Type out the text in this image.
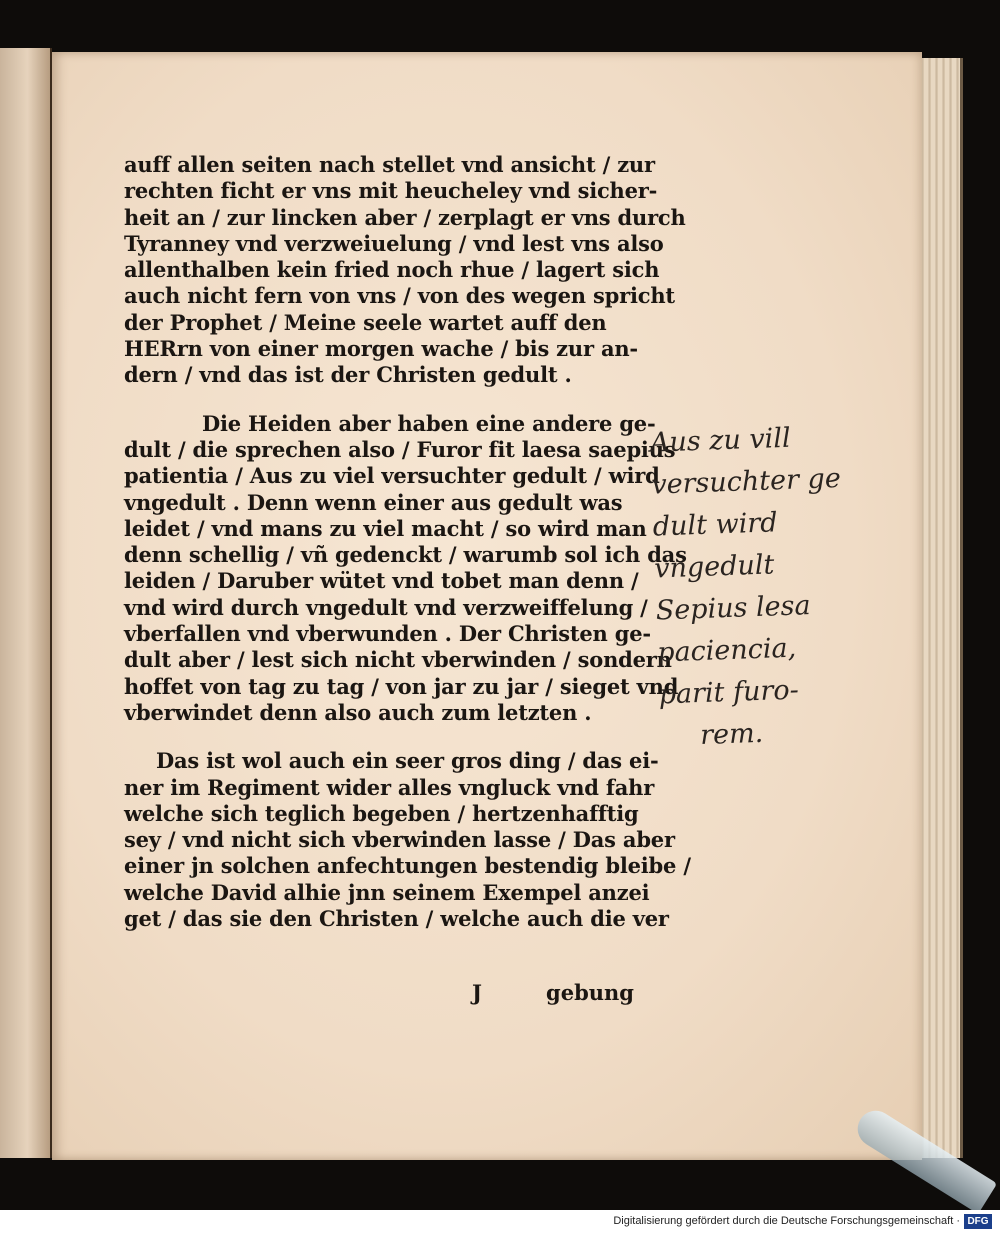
auff allen seiten nach stellet vnd ansicht / zur
rechten ficht er vns mit heucheley vnd sicher-
heit an / zur lincken aber / zerplagt er vns durch
Tyranney vnd verzweiuelung / vnd lest vns also
allenthalben kein fried noch rhue / lagert sich
auch nicht fern von vns / von des wegen spricht
der Prophet / Meine seele wartet auff den
HERrn von einer morgen wache / bis zur an-
dern / vnd das ist der Christen gedult .
Die Heiden aber haben eine andere ge-
dult / die sprechen also / Furor fit laesa saepius
patientia / Aus zu viel versuchter gedult / wird
vngedult . Denn wenn einer aus gedult was
leidet / vnd mans zu viel macht / so wird man
denn schellig / vñ gedenckt / warumb sol ich das
leiden / Daruber wütet vnd tobet man denn /
vnd wird durch vngedult vnd verzweiffelung /
vberfallen vnd vberwunden . Der Christen ge-
dult aber / lest sich nicht vberwinden / sondern
hoffet von tag zu tag / von jar zu jar / sieget vnd
vberwindet denn also auch zum letzten .
Das ist wol auch ein seer gros ding / das ei-
ner im Regiment wider alles vngluck vnd fahr
welche sich teglich begeben / hertzenhafftig
sey / vnd nicht sich vberwinden lasse / Das aber
einer jn solchen anfechtungen bestendig bleibe /
welche David alhie jnn seinem Exempel anzei
get / das sie den Christen / welche auch die ver
J	gebung
Aus zu vill
versuchter ge
dult wird
vngedult
Sepius lesa
paciencia,
parit furo-
rem.
Digitalisierung gefördert durch die Deutsche Forschungsgemeinschaft · DFG
